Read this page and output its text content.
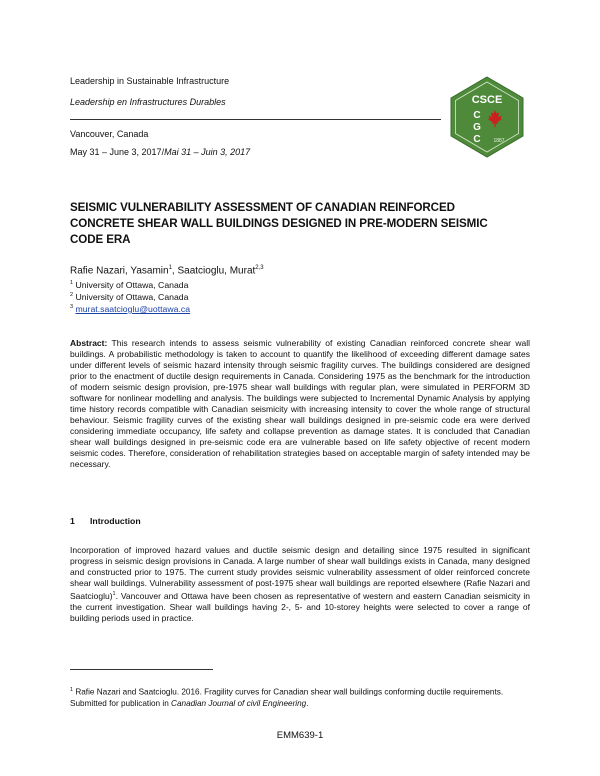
Leadership in Sustainable Infrastructure
Leadership en Infrastructures Durables
Vancouver, Canada
May 31 – June 3, 2017/Mai 31 – Juin 3, 2017
CSCE
C
G
C	1887
SEISMIC VULNERABILITY ASSESSMENT OF CANADIAN REINFORCED CONCRETE SHEAR WALL BUILDINGS DESIGNED IN PRE-MODERN SEISMIC CODE ERA
Rafie Nazari, Yasamin$^1$, Saatcioglu, Murat$^{2,3}$
$^1$ University of Ottawa, Canada
$^2$ University of Ottawa, Canada
$^3$ murat.saatcioglu@uottawa.ca
Abstract: This research intends to assess seismic vulnerability of existing Canadian reinforced concrete shear wall buildings. A probabilistic methodology is taken to account to quantify the likelihood of exceeding different damage sates under different levels of seismic hazard intensity through seismic fragility curves. The buildings considered are designed prior to the enactment of ductile design requirements in Canada. Considering 1975 as the benchmark for the introduction of modern seismic design provision, pre-1975 shear wall buildings with regular plan, were simulated in PERFORM 3D software for nonlinear modelling and analysis. The buildings were subjected to Incremental Dynamic Analysis by applying time history records compatible with Canadian seismicity with increasing intensity to cover the whole range of structural behaviour. Seismic fragility curves of the existing shear wall buildings designed in pre-seismic code era were derived considering immediate occupancy, life safety and collapse prevention as damage states. It is concluded that Canadian shear wall buildings designed in pre-seismic code era are vulnerable based on life safety objective of recent modern seismic codes. Therefore, consideration of rehabilitation strategies based on acceptable margin of safety intended may be necessary.
1 Introduction
Incorporation of improved hazard values and ductile seismic design and detailing since 1975 resulted in significant progress in seismic design provisions in Canada. A large number of shear wall buildings exists in Canada, many designed and constructed prior to 1975. The current study provides seismic vulnerability assessment of older reinforced concrete shear wall buildings. Vulnerability assessment of post-1975 shear wall buildings are reported elsewhere (Rafie Nazari and Saatcioglu)$^1$. Vancouver and Ottawa have been chosen as representative of western and eastern Canadian seismicity in the current investigation. Shear wall buildings having 2-, 5- and 10-storey heights were selected to cover a range of building periods used in practice.
$^1$ Rafie Nazari and Saatcioglu. 2016. Fragility curves for Canadian shear wall buildings conforming ductile requirements. Submitted for publication in Canadian Journal of civil Engineering.
EMM639-1
